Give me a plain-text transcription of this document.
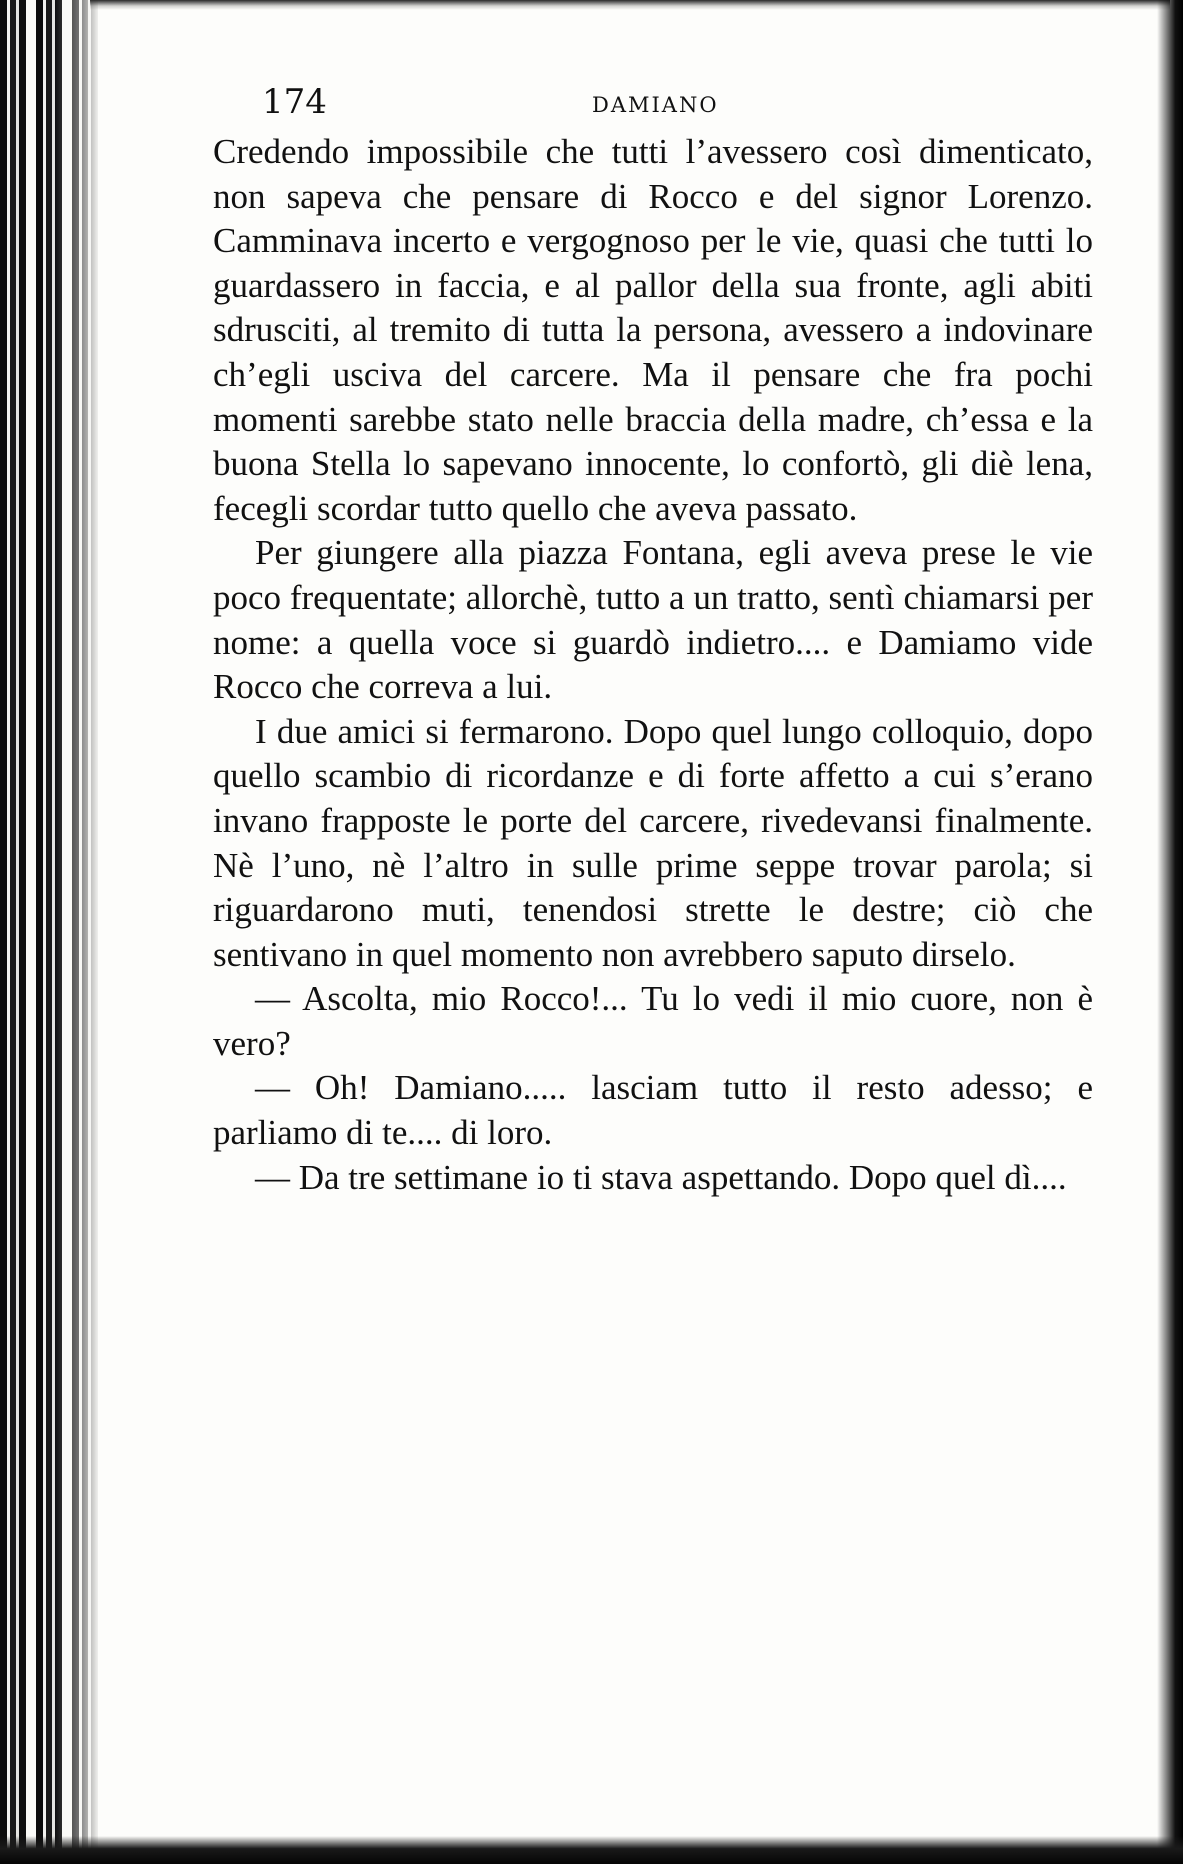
174	DAMIANO

Credendo impossibile che tutti l’avessero così dimenticato, non sapeva che pensare di Rocco e del signor Lorenzo. Camminava incerto e vergognoso per le vie, quasi che tutti lo guardassero in faccia, e al pallor della sua fronte, agli abiti sdrusciti, al tremito di tutta la persona, avessero a indovinare ch’egli usciva del carcere. Ma il pensare che fra pochi momenti sarebbe stato nelle braccia della madre, ch’essa e la buona Stella lo sapevano innocente, lo confortò, gli diè lena, fecegli scordar tutto quello che aveva passato.

Per giungere alla piazza Fontana, egli aveva prese le vie poco frequentate; allorchè, tutto a un tratto, sentì chiamarsi per nome: a quella voce si guardò indietro.... e Damiamo vide Rocco che correva a lui.

I due amici si fermarono. Dopo quel lungo colloquio, dopo quello scambio di ricordanze e di forte affetto a cui s’erano invano frapposte le porte del carcere, rivedevansi finalmente. Nè l’uno, nè l’altro in sulle prime seppe trovar parola; si riguardarono muti, tenendosi strette le destre; ciò che sentivano in quel momento non avrebbero saputo dirselo.

— Ascolta, mio Rocco!... Tu lo vedi il mio cuore, non è vero?

— Oh! Damiano..... lasciam tutto il resto adesso; e parliamo di te.... di loro.

— Da tre settimane io ti stava aspettando. Dopo quel dì....
